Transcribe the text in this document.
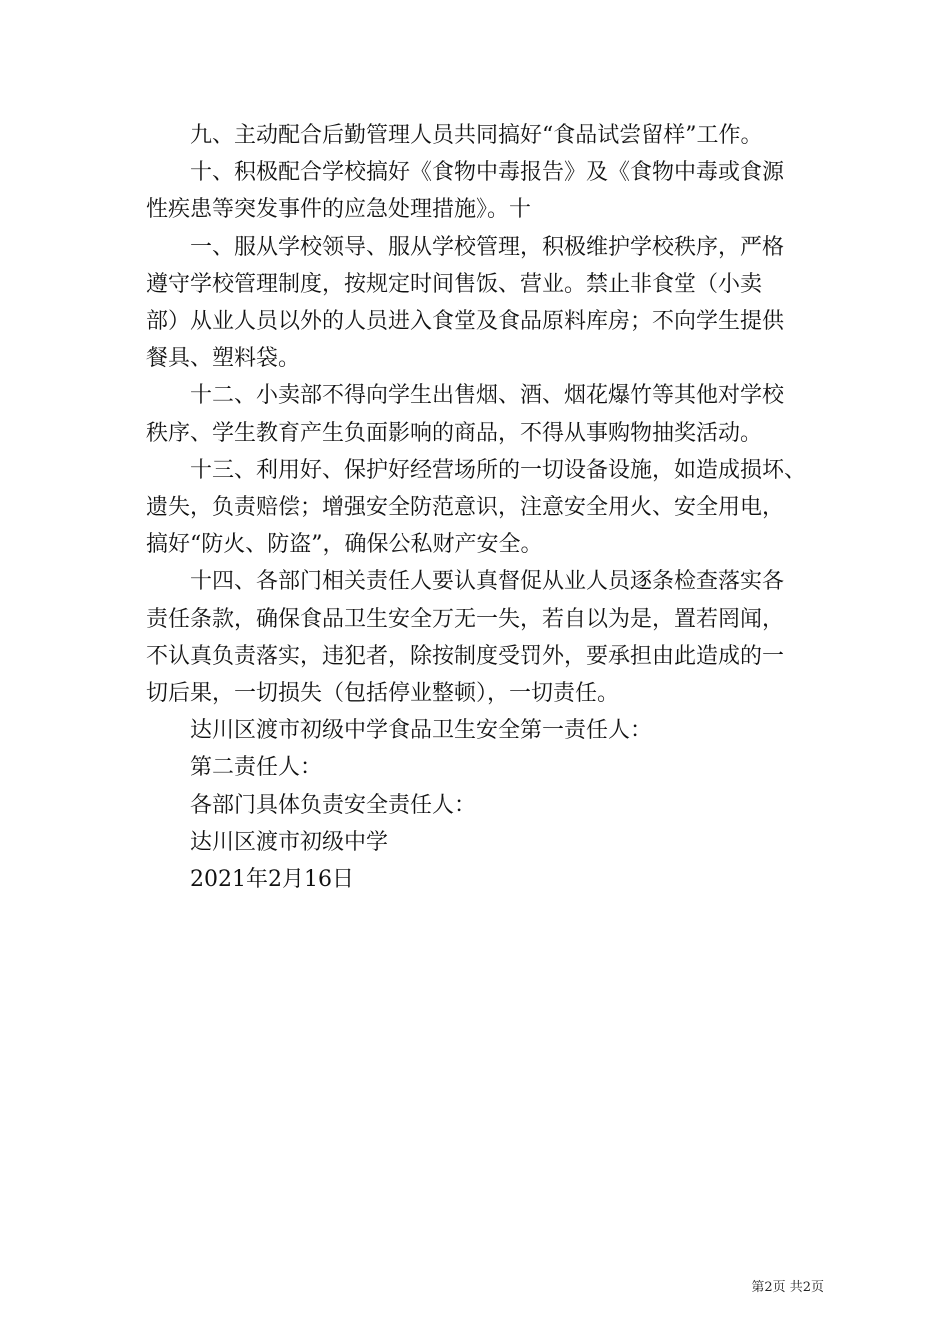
九、主动配合后勤管理人员共同搞好“食品试尝留样”工作。

十、积极配合学校搞好《食物中毒报告》及《食物中毒或食源
性疾患等突发事件的应急处理措施》。十

一、服从学校领导、服从学校管理，积极维护学校秩序，严格
遵守学校管理制度，按规定时间售饭、营业。禁止非食堂（小卖
部）从业人员以外的人员进入食堂及食品原料库房；不向学生提供
餐具、塑料袋。

十二、小卖部不得向学生出售烟、酒、烟花爆竹等其他对学校
秩序、学生教育产生负面影响的商品，不得从事购物抽奖活动。

十三、利用好、保护好经营场所的一切设备设施，如造成损坏、
遗失，负责赔偿；增强安全防范意识，注意安全用火、安全用电，
搞好“防火、防盗”，确保公私财产安全。

十四、各部门相关责任人要认真督促从业人员逐条检查落实各
责任条款，确保食品卫生安全万无一失，若自以为是，置若罔闻，
不认真负责落实，违犯者，除按制度受罚外，要承担由此造成的一
切后果，一切损失（包括停业整顿），一切责任。

达川区渡市初级中学食品卫生安全第一责任人：

第二责任人：

各部门具体负责安全责任人：

达川区渡市初级中学

2021年2月16日

第2页 共2页
